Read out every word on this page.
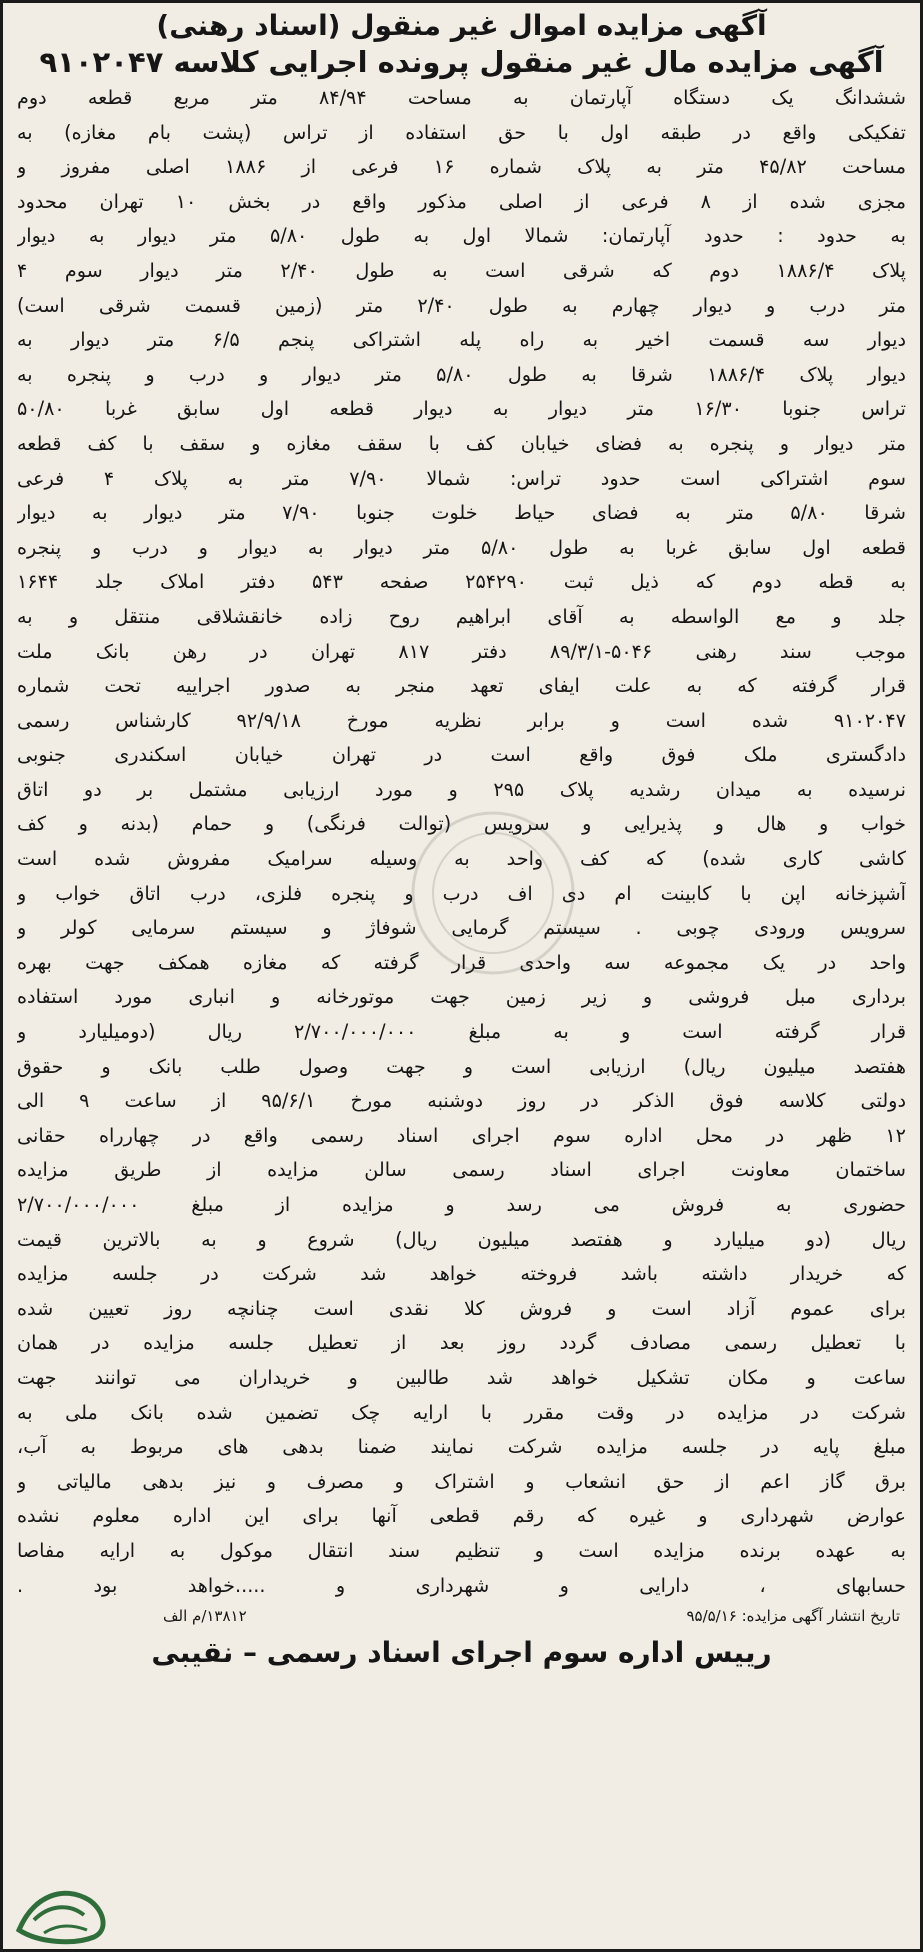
آگهی مزایده اموال غیر منقول (اسناد رهنی)
آگهی مزایده مال غیر منقول پرونده اجرایی کلاسه ۹۱۰۲۰۴۷
ششدانگ یک دستگاه آپارتمان به مساحت ۸۴/۹۴ متر مربع قطعه دوم
تفکیکی واقع در طبقه اول با حق استفاده از تراس (پشت بام مغازه) به
مساحت ۴۵/۸۲ متر به پلاک شماره ۱۶ فرعی از ۱۸۸۶ اصلی مفروز و
مجزی شده از ۸ فرعی از اصلی مذکور واقع در بخش ۱۰ تهران محدود
به حدود : حدود آپارتمان: شمالا اول به طول ۵/۸۰ متر دیوار به دیوار
پلاک ۱۸۸۶/۴ دوم که شرقی است به طول ۲/۴۰ متر دیوار سوم ۴
متر درب و دیوار چهارم به طول ۲/۴۰ متر (زمین قسمت شرقی است)
دیوار سه قسمت اخیر به راه پله اشتراکی پنجم ۶/۵ متر دیوار به
دیوار پلاک ۱۸۸۶/۴ شرقا به طول ۵/۸۰ متر دیوار و درب و پنجره به
تراس جنوبا ۱۶/۳۰ متر دیوار به دیوار قطعه اول سابق غربا ۵۰/۸۰
متر دیوار و پنجره به فضای خیابان کف با سقف مغازه و سقف با کف قطعه
سوم اشتراکی است حدود تراس: شمالا ۷/۹۰ متر به پلاک ۴ فرعی
شرقا ۵/۸۰ متر به فضای حیاط خلوت جنوبا ۷/۹۰ متر دیوار به دیوار
قطعه اول سابق غربا به طول ۵/۸۰ متر دیوار به دیوار و درب و پنجره
به قطه دوم که ذیل ثبت ۲۵۴۲۹۰ صفحه ۵۴۳ دفتر املاک جلد ۱۶۴۴
جلد و مع الواسطه به آقای ابراهیم روح زاده خانقشلاقی منتقل و به
موجب سند رهنی ۵۰۴۶-۸۹/۳/۱ دفتر ۸۱۷ تهران در رهن بانک ملت
قرار گرفته که به علت ایفای تعهد منجر به صدور اجراییه تحت شماره
۹۱۰۲۰۴۷ شده است و برابر نظریه مورخ ۹۲/۹/۱۸ کارشناس رسمی
دادگستری ملک فوق واقع است در تهران خیابان اسکندری جنوبی
نرسیده به میدان رشدیه پلاک ۲۹۵ و مورد ارزیابی مشتمل بر دو اتاق
خواب و هال و پذیرایی و سرویس (توالت فرنگی) و حمام (بدنه و کف
کاشی کاری شده) که کف واحد به وسیله سرامیک مفروش شده است
آشپزخانه اپن با کابینت ام دی اف درب و پنجره فلزی، درب اتاق خواب و
سرویس ورودی چوبی . سیستم گرمایی شوفاژ و سیستم سرمایی کولر و
واحد در یک مجموعه سه واحدی قرار گرفته که مغازه همکف جهت بهره
برداری مبل فروشی و زیر زمین جهت موتورخانه و انباری مورد استفاده
قرار گرفته است و به مبلغ ۲/۷۰۰/۰۰۰/۰۰۰ ریال (دومیلیارد و
هفتصد میلیون ریال) ارزیابی است و جهت وصول طلب بانک و حقوق
دولتی کلاسه فوق الذکر در روز دوشنبه مورخ ۹۵/۶/۱ از ساعت ۹ الی
۱۲ ظهر در محل اداره سوم اجرای اسناد رسمی واقع در چهارراه حقانی
ساختمان معاونت اجرای اسناد رسمی سالن مزایده از طریق مزایده
حضوری به فروش می رسد و مزایده از مبلغ ۲/۷۰۰/۰۰۰/۰۰۰
ریال (دو میلیارد و هفتصد میلیون ریال) شروع و به بالاترین قیمت
که خریدار داشته باشد فروخته خواهد شد شرکت در جلسه مزایده
برای عموم آزاد است و فروش کلا نقدی است چنانچه روز تعیین شده
با تعطیل رسمی مصادف گردد روز بعد از تعطیل جلسه مزایده در همان
ساعت و مکان تشکیل خواهد شد طالبین و خریداران می توانند جهت
شرکت در مزایده در وقت مقرر با ارایه چک تضمین شده بانک ملی به
مبلغ پایه در جلسه مزایده شرکت نمایند ضمنا بدهی های مربوط به آب،
برق گاز اعم از حق انشعاب و اشتراک و مصرف و نیز بدهی مالیاتی و
عوارض شهرداری و غیره که رقم قطعی آنها برای این اداره معلوم نشده
به عهده برنده مزایده است و تنظیم سند انتقال موکول به ارایه مفاصا
حسابهای ، دارایی و شهرداری و .....خواهد بود .
تاریخ انتشار آگهی مزایده: ۹۵/۵/۱۶
۱۳۸۱۲/م الف
رییس اداره سوم اجرای اسناد رسمی – نقیبی
